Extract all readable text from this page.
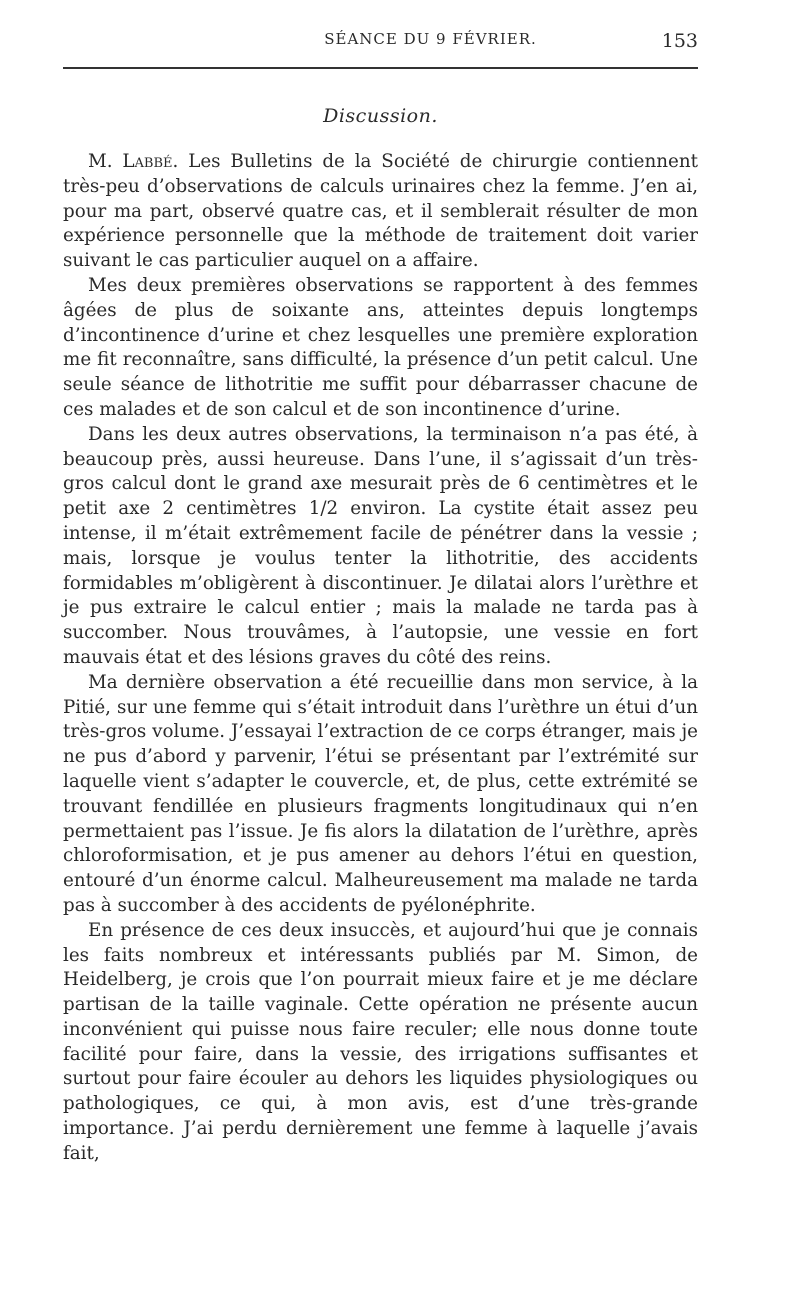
SÉANCE DU 9 FÉVRIER.	153
Discussion.

M. Labbé. Les Bulletins de la Société de chirurgie contiennent très-peu d’observations de calculs urinaires chez la femme. J’en ai, pour ma part, observé quatre cas, et il semblerait résulter de mon expérience personnelle que la méthode de traitement doit varier suivant le cas particulier auquel on a affaire.

Mes deux premières observations se rapportent à des femmes âgées de plus de soixante ans, atteintes depuis longtemps d’incontinence d’urine et chez lesquelles une première exploration me fit reconnaître, sans difficulté, la présence d’un petit calcul. Une seule séance de lithotritie me suffit pour débarrasser chacune de ces malades et de son calcul et de son incontinence d’urine.

Dans les deux autres observations, la terminaison n’a pas été, à beaucoup près, aussi heureuse. Dans l’une, il s’agissait d’un très-gros calcul dont le grand axe mesurait près de 6 centimètres et le petit axe 2 centimètres 1/2 environ. La cystite était assez peu intense, il m’était extrêmement facile de pénétrer dans la vessie ; mais, lorsque je voulus tenter la lithotritie, des accidents formidables m’obligèrent à discontinuer. Je dilatai alors l’urèthre et je pus extraire le calcul entier ; mais la malade ne tarda pas à succomber. Nous trouvâmes, à l’autopsie, une vessie en fort mauvais état et des lésions graves du côté des reins.

Ma dernière observation a été recueillie dans mon service, à la Pitié, sur une femme qui s’était introduit dans l’urèthre un étui d’un très-gros volume. J’essayai l’extraction de ce corps étranger, mais je ne pus d’abord y parvenir, l’étui se présentant par l’extrémité sur laquelle vient s’adapter le couvercle, et, de plus, cette extrémité se trouvant fendillée en plusieurs fragments longitudinaux qui n’en permettaient pas l’issue. Je fis alors la dilatation de l’urèthre, après chloroformisation, et je pus amener au dehors l’étui en question, entouré d’un énorme calcul. Malheureusement ma malade ne tarda pas à succomber à des accidents de pyélonéphrite.

En présence de ces deux insuccès, et aujourd’hui que je connais les faits nombreux et intéressants publiés par M. Simon, de Heidelberg, je crois que l’on pourrait mieux faire et je me déclare partisan de la taille vaginale. Cette opération ne présente aucun inconvénient qui puisse nous faire reculer; elle nous donne toute facilité pour faire, dans la vessie, des irrigations suffisantes et surtout pour faire écouler au dehors les liquides physiologiques ou pathologiques, ce qui, à mon avis, est d’une très-grande importance. J’ai perdu dernièrement une femme à laquelle j’avais fait,
